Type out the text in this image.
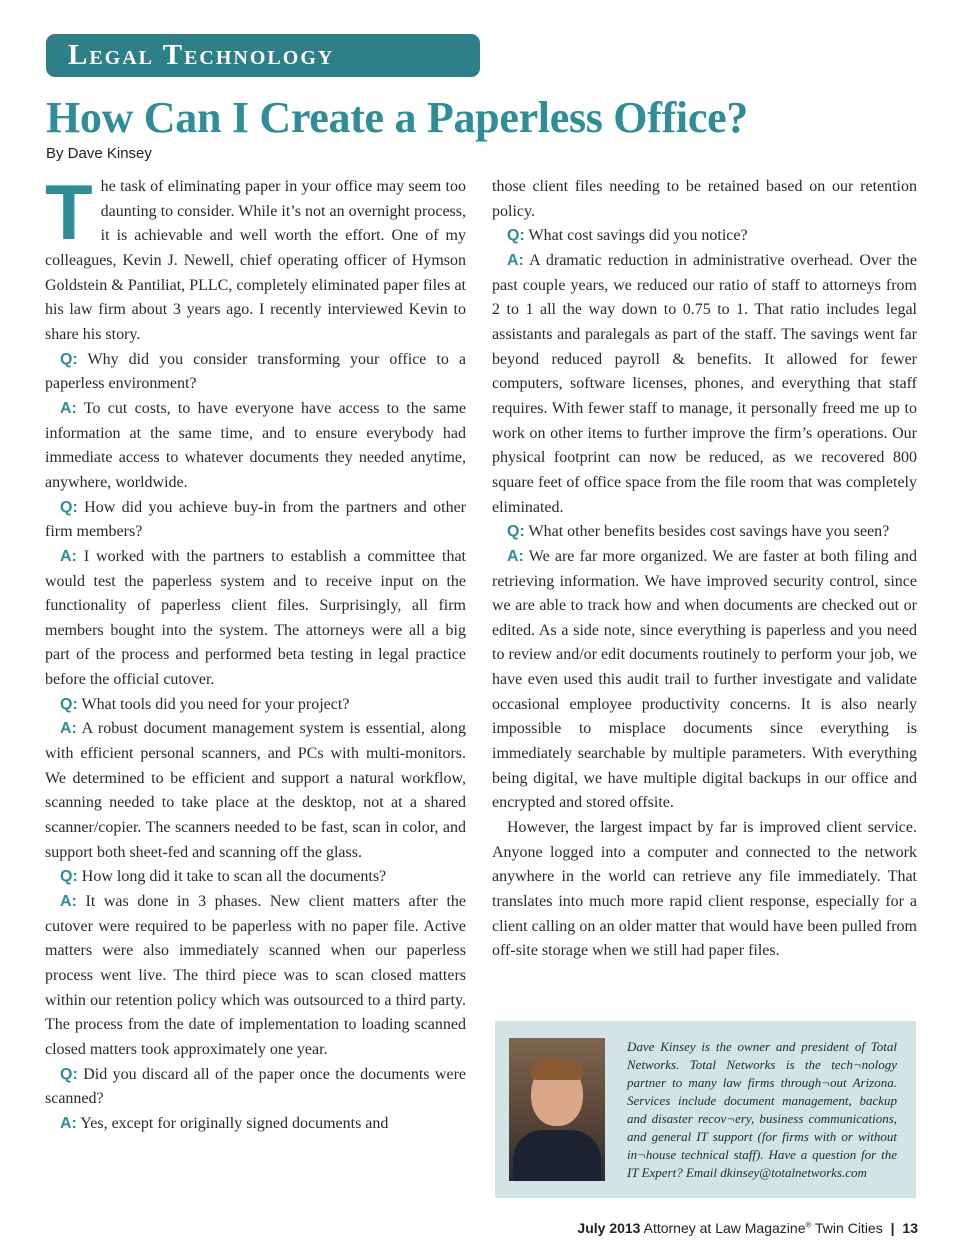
Legal Technology
How Can I Create a Paperless Office?
By Dave Kinsey

The task of eliminating paper in your office may seem too daunting to consider. While it’s not an overnight process, it is achievable and well worth the effort. One of my colleagues, Kevin J. Newell, chief operating officer of Hymson Goldstein & Pantiliat, PLLC, completely eliminated paper files at his law firm about 3 years ago. I recently interviewed Kevin to share his story.

Q: Why did you consider transforming your office to a paperless environment?

A: To cut costs, to have everyone have access to the same information at the same time, and to ensure everybody had immediate access to whatever documents they needed anytime, anywhere, worldwide.

Q: How did you achieve buy-in from the partners and other firm members?

A: I worked with the partners to establish a committee that would test the paperless system and to receive input on the functionality of paperless client files. Surprisingly, all firm members bought into the system. The attorneys were all a big part of the process and performed beta testing in legal practice before the official cutover.

Q: What tools did you need for your project?

A: A robust document management system is essential, along with efficient personal scanners, and PCs with multi-monitors. We determined to be efficient and support a natural workflow, scanning needed to take place at the desktop, not at a shared scanner/copier. The scanners needed to be fast, scan in color, and support both sheet-fed and scanning off the glass.

Q: How long did it take to scan all the documents?

A: It was done in 3 phases. New client matters after the cutover were required to be paperless with no paper file. Active matters were also immediately scanned when our paperless process went live. The third piece was to scan closed matters within our retention policy which was outsourced to a third party. The process from the date of implementation to loading scanned closed matters took approximately one year.

Q: Did you discard all of the paper once the documents were scanned?

A: Yes, except for originally signed documents and

those client files needing to be retained based on our retention policy.

Q: What cost savings did you notice?

A: A dramatic reduction in administrative overhead. Over the past couple years, we reduced our ratio of staff to attorneys from 2 to 1 all the way down to 0.75 to 1. That ratio includes legal assistants and paralegals as part of the staff. The savings went far beyond reduced payroll & benefits. It allowed for fewer computers, software licenses, phones, and everything that staff requires. With fewer staff to manage, it personally freed me up to work on other items to further improve the firm’s operations. Our physical footprint can now be reduced, as we recovered 800 square feet of office space from the file room that was completely eliminated.

Q: What other benefits besides cost savings have you seen?

A: We are far more organized. We are faster at both filing and retrieving information. We have improved security control, since we are able to track how and when documents are checked out or edited. As a side note, since everything is paperless and you need to review and/or edit documents routinely to perform your job, we have even used this audit trail to further investigate and validate occasional employee productivity concerns. It is also nearly impossible to misplace documents since everything is immediately searchable by multiple parameters. With everything being digital, we have multiple digital backups in our office and encrypted and stored offsite.

However, the largest impact by far is improved client service. Anyone logged into a computer and connected to the network anywhere in the world can retrieve any file immediately. That translates into much more rapid client response, especially for a client calling on an older matter that would have been pulled from off-site storage when we still had paper files.

Dave Kinsey is the owner and president of Total Networks. Total Networks is the tech¬nology partner to many law firms through¬out Arizona. Services include document management, backup and disaster recov¬ery, business communications, and general IT support (for firms with or without in¬house technical staff). Have a question for the IT Expert? Email dkinsey@totalnetworks.com
July 2013 Attorney at Law Magazine® Twin Cities | 13
